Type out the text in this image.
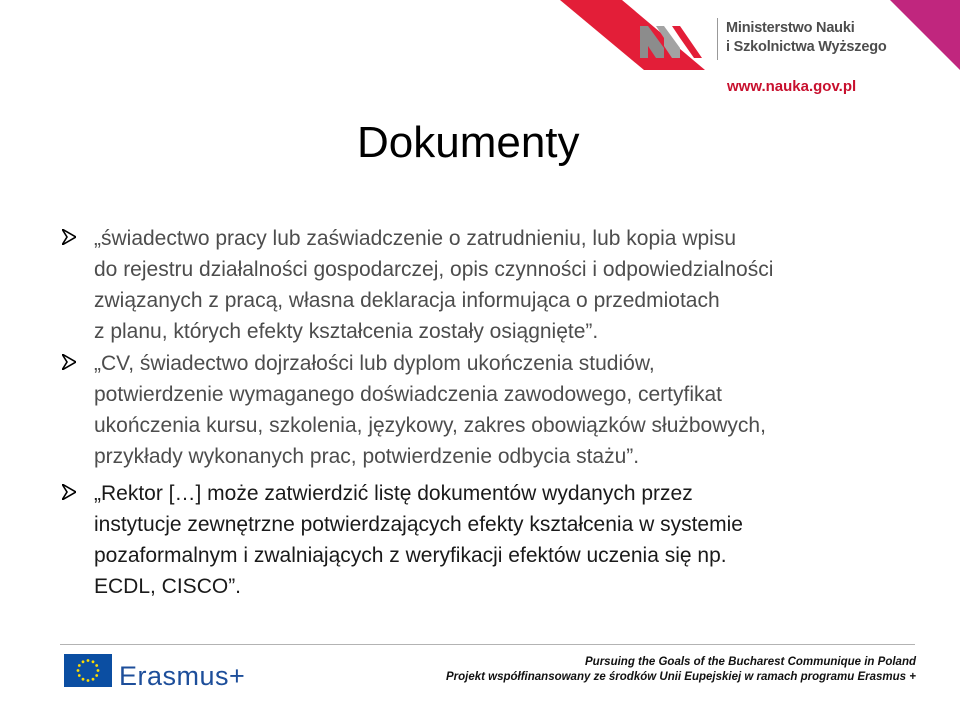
Ministerstwo Nauki
i Szkolnictwa Wyższego
www.nauka.gov.pl
Dokumenty

„świadectwo pracy lub zaświadczenie o zatrudnieniu, lub kopia wpisu
do rejestru działalności gospodarczej, opis czynności i odpowiedzialności
związanych z pracą, własna deklaracja informująca o przedmiotach
z planu, których efekty kształcenia zostały osiągnięte”.

„CV, świadectwo dojrzałości lub dyplom ukończenia studiów,
potwierdzenie wymaganego doświadczenia zawodowego, certyfikat
ukończenia kursu, szkolenia, językowy, zakres obowiązków służbowych,
przykłady wykonanych prac, potwierdzenie odbycia stażu”.

„Rektor […] może zatwierdzić listę dokumentów wydanych przez
instytucje zewnętrzne potwierdzających efekty kształcenia w systemie
pozaformalnym i zwalniających z weryfikacji efektów uczenia się np.
ECDL, CISCO”.

Erasmus+	Pursuing the Goals of the Bucharest Communique in Poland
Projekt współfinansowany ze środków Unii Eupejskiej w ramach programu Erasmus +
